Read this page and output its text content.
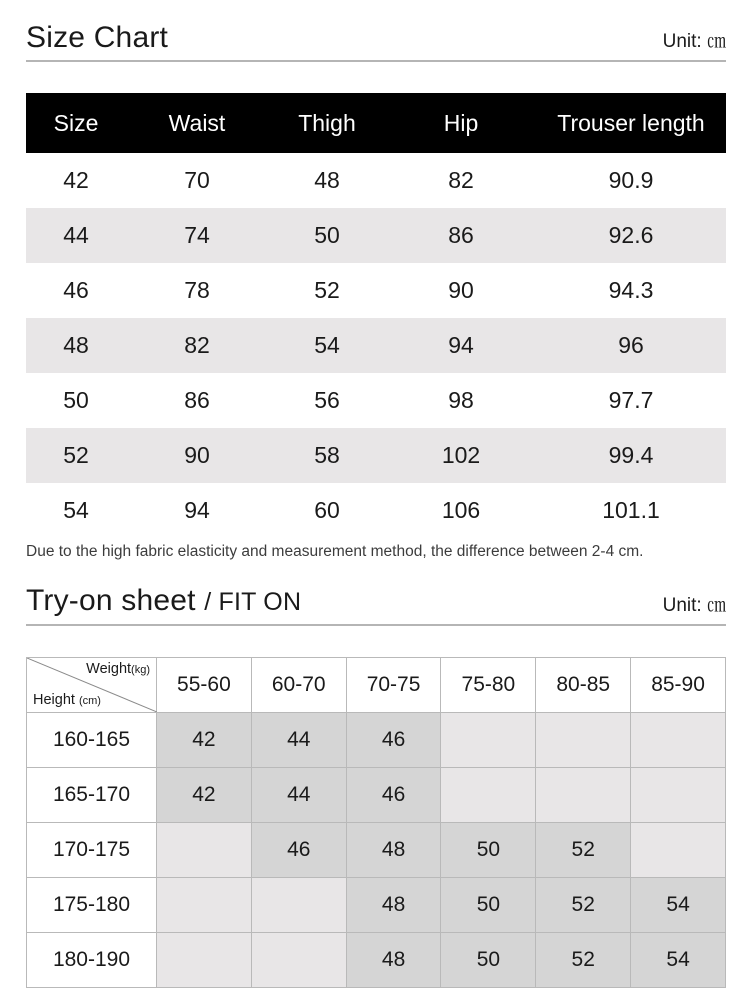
Size Chart	Unit: ㎝
Size	Waist	Thigh	Hip	Trouser length
42	70	48	82	90.9
44	74	50	86	92.6
46	78	52	90	94.3
48	82	54	94	96
50	86	56	98	97.7
52	90	58	102	99.4
54	94	60	106	101.1
Due to the high fabric elasticity and measurement method, the difference between 2-4 cm.
Try-on sheet / FIT ON	Unit: ㎝
Weight(kg)
Height (cm)	55-60	60-70	70-75	75-80	80-85	85-90
160-165	42	44	46			
165-170	42	44	46			
170-175		46	48	50	52	
175-180			48	50	52	54
180-190			48	50	52	54
